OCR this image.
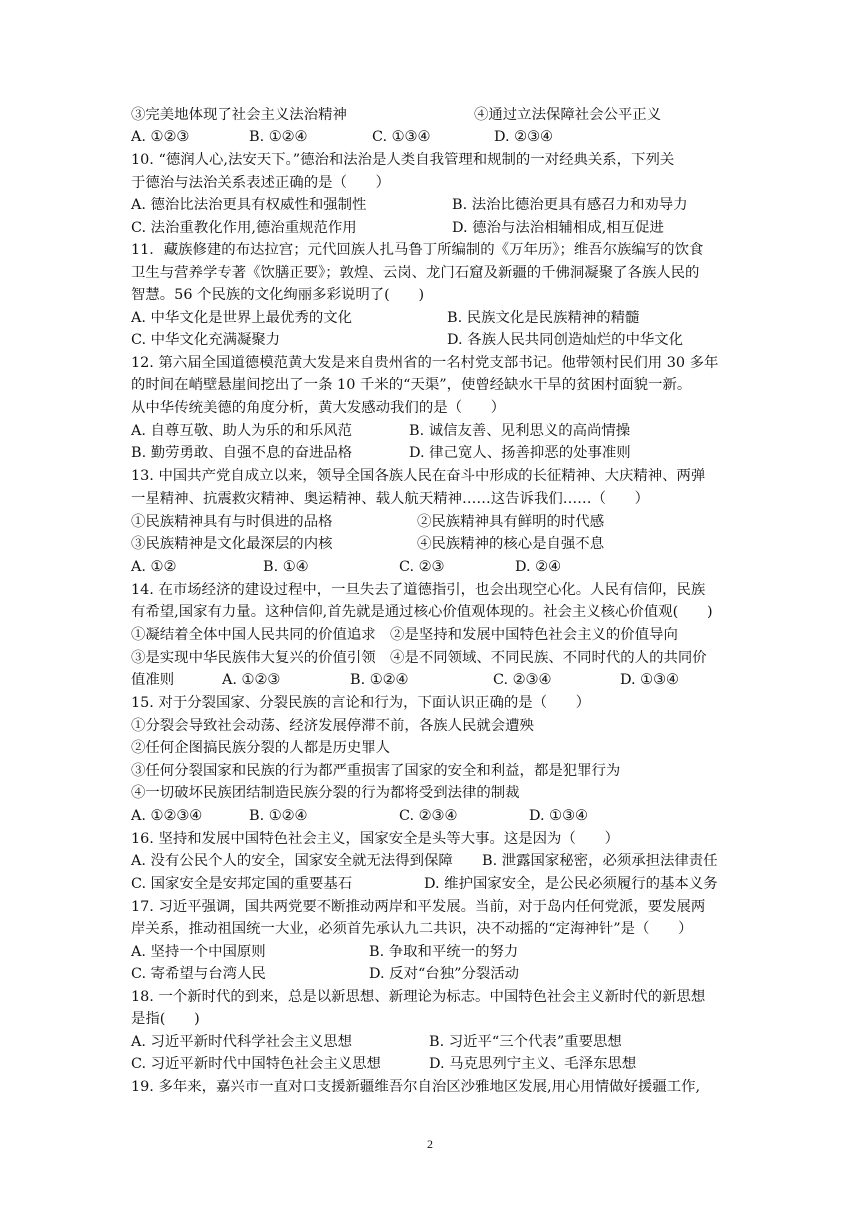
③完美地体现了社会主义法治精神	④通过立法保障社会公平正义
A. ①②③	B. ①②④	C. ①③④	D. ②③④
10. “德润人心,法安天下。”德治和法治是人类自我管理和规制的一对经典关系，下列关
于德治与法治关系表述正确的是（　　）
A. 德治比法治更具有权威性和强制性	B. 法治比德治更具有感召力和劝导力
C. 法治重教化作用,德治重规范作用	D. 德治与法治相辅相成,相互促进
11．藏族修建的布达拉宫；元代回族人扎马鲁丁所编制的《万年历》；维吾尔族编写的饮食
卫生与营养学专著《饮膳正要》；敦煌、云岗、龙门石窟及新疆的千佛洞凝聚了各族人民的
智慧。56 个民族的文化绚丽多彩说明了(　　)
A. 中华文化是世界上最优秀的文化	B. 民族文化是民族精神的精髓
C. 中华文化充满凝聚力	D. 各族人民共同创造灿烂的中华文化
12. 第六届全国道德模范黄大发是来自贵州省的一名村党支部书记。他带领村民们用 30 多年
的时间在峭壁悬崖间挖出了一条 10 千米的“天渠”，使曾经缺水干旱的贫困村面貌一新。
从中华传统美德的角度分析，黄大发感动我们的是（　　）
A. 自尊互敬、助人为乐的和乐风范	B. 诚信友善、见利思义的高尚情操
B. 勤劳勇敢、自强不息的奋进品格	D. 律己宽人、扬善抑恶的处事准则
13. 中国共产党自成立以来，领导全国各族人民在奋斗中形成的长征精神、大庆精神、两弹
一星精神、抗震救灾精神、奥运精神、载人航天精神……这告诉我们……（　　）
①民族精神具有与时俱进的品格	②民族精神具有鲜明的时代感
③民族精神是文化最深层的内核	④民族精神的核心是自强不息
A. ①②	B. ①④	C. ②③	D. ②④
14. 在市场经济的建设过程中，一旦失去了道德指引，也会出现空心化。人民有信仰，民族
有希望,国家有力量。这种信仰,首先就是通过核心价值观体现的。社会主义核心价值观(　　)
①凝结着全体中国人民共同的价值追求　②是坚持和发展中国特色社会主义的价值导向
③是实现中华民族伟大复兴的价值引领　④是不同领域、不同民族、不同时代的人的共同价
值准则	A. ①②③	B. ①②④	C. ②③④	D. ①③④
15. 对于分裂国家、分裂民族的言论和行为，下面认识正确的是（　　）
①分裂会导致社会动荡、经济发展停滞不前，各族人民就会遭殃
②任何企图搞民族分裂的人都是历史罪人
③任何分裂国家和民族的行为都严重损害了国家的安全和利益，都是犯罪行为
④一切破坏民族团结制造民族分裂的行为都将受到法律的制裁
A. ①②③④	B. ①②④	C. ②③④	D. ①③④
16. 坚持和发展中国特色社会主义，国家安全是头等大事。这是因为（　　）
A. 没有公民个人的安全，国家安全就无法得到保障 B. 泄露国家秘密，必须承担法律责任
C. 国家安全是安邦定国的重要基石	D. 维护国家安全，是公民必须履行的基本义务
17. 习近平强调，国共两党要不断推动两岸和平发展。当前，对于岛内任何党派，要发展两
岸关系，推动祖国统一大业，必须首先承认九二共识，决不动摇的“定海神针”是（　　）
A. 坚持一个中国原则	B. 争取和平统一的努力
C. 寄希望与台湾人民	D. 反对“台独”分裂活动
18. 一个新时代的到来，总是以新思想、新理论为标志。中国特色社会主义新时代的新思想
是指(　　)
A. 习近平新时代科学社会主义思想	B. 习近平“三个代表”重要思想
C. 习近平新时代中国特色社会主义思想	D. 马克思列宁主义、毛泽东思想
19. 多年来，嘉兴市一直对口支援新疆维吾尔自治区沙雅地区发展,用心用情做好援疆工作,
2
